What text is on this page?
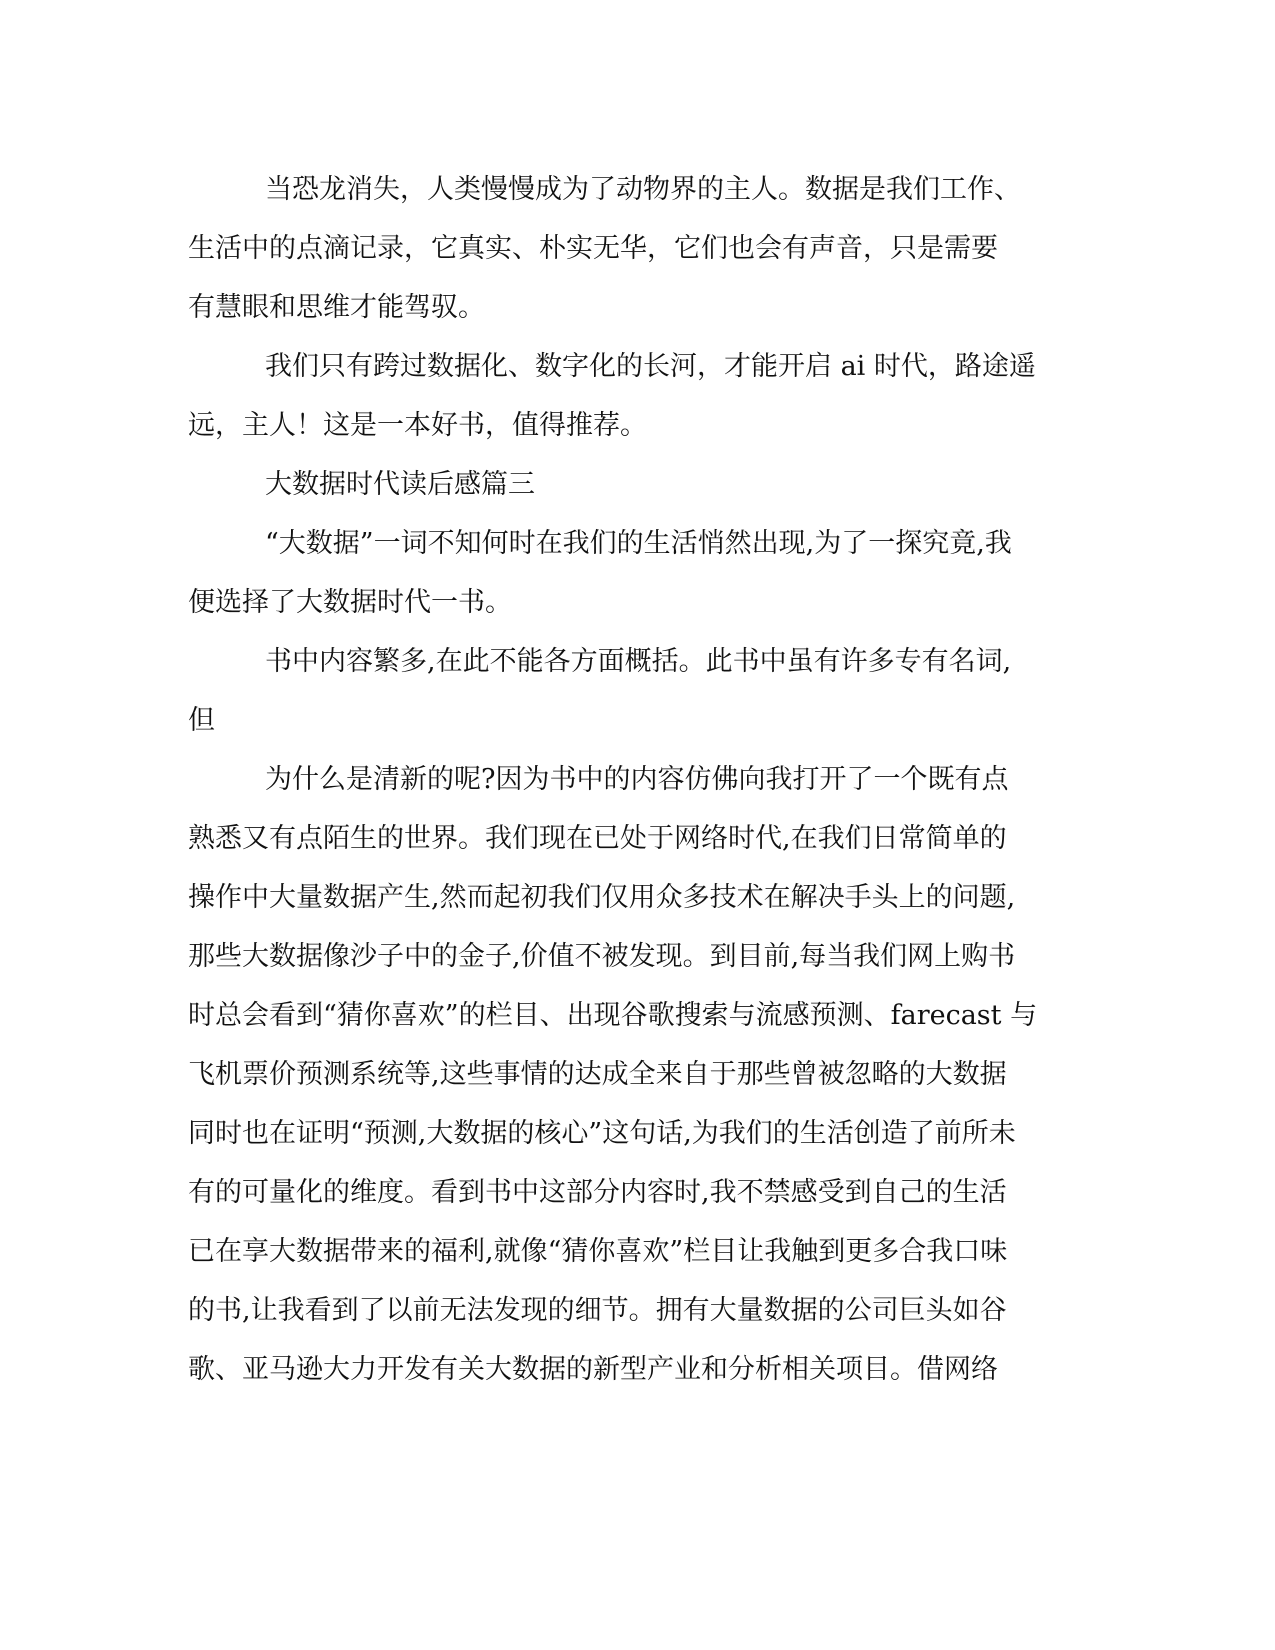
当恐龙消失，人类慢慢成为了动物界的主人。数据是我们工作、
生活中的点滴记录，它真实、朴实无华，它们也会有声音，只是需要
有慧眼和思维才能驾驭。
我们只有跨过数据化、数字化的长河，才能开启 ai 时代，路途遥
远，主人！这是一本好书，值得推荐。
大数据时代读后感篇三
“大数据”一词不知何时在我们的生活悄然出现,为了一探究竟,我
便选择了大数据时代一书。
书中内容繁多,在此不能各方面概括。此书中虽有许多专有名词,
但
为什么是清新的呢?因为书中的内容仿佛向我打开了一个既有点
熟悉又有点陌生的世界。我们现在已处于网络时代,在我们日常简单的
操作中大量数据产生,然而起初我们仅用众多技术在解决手头上的问题,
那些大数据像沙子中的金子,价值不被发现。到目前,每当我们网上购书
时总会看到“猜你喜欢”的栏目、出现谷歌搜索与流感预测、farecast 与
飞机票价预测系统等,这些事情的达成全来自于那些曾被忽略的大数据
同时也在证明“预测,大数据的核心”这句话,为我们的生活创造了前所未
有的可量化的维度。看到书中这部分内容时,我不禁感受到自己的生活
已在享大数据带来的福利,就像“猜你喜欢”栏目让我触到更多合我口味
的书,让我看到了以前无法发现的细节。拥有大量数据的公司巨头如谷
歌、亚马逊大力开发有关大数据的新型产业和分析相关项目。借网络
